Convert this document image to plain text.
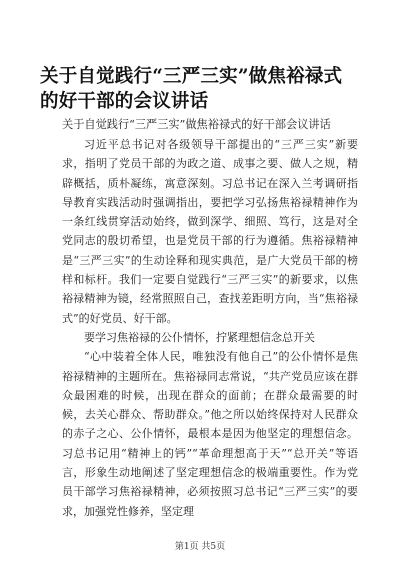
关于自觉践行“三严三实”做焦裕禄式的好干部的会议讲话

关于自觉践行“三严三实”做焦裕禄式的好干部会议讲话

习近平总书记对各级领导干部提出的“三严三实”新要求，指明了党员干部的为政之道、成事之要、做人之规，精辟概括，质朴凝练，寓意深刻。习总书记在深入兰考调研指导教育实践活动时强调指出，要把学习弘扬焦裕禄精神作为一条红线贯穿活动始终，做到深学、细照、笃行，这是对全党同志的殷切希望，也是党员干部的行为遵循。焦裕禄精神是“三严三实”的生动诠释和现实典范，是广大党员干部的榜样和标杆。我们一定要自觉践行“三严三实”的新要求，以焦裕禄精神为镜，经常照照自己，查找差距明方向，当“焦裕禄式”的好党员、好干部。

要学习焦裕禄的公仆情怀，拧紧理想信念总开关

“心中装着全体人民，唯独没有他自己”的公仆情怀是焦裕禄精神的主题所在。焦裕禄同志常说，“共产党员应该在群众最困难的时候，出现在群众的面前；在群众最需要的时候，去关心群众、帮助群众。”他之所以始终保持对人民群众的赤子之心、公仆情怀，最根本是因为他坚定的理想信念。习总书记用“精神上的钙”“革命理想高于天”“总开关”等语言，形象生动地阐述了坚定理想信念的极端重要性。作为党员干部学习焦裕禄精神，必须按照习总书记“三严三实”的要求，加强党性修养，坚定理

第1页 共5页
